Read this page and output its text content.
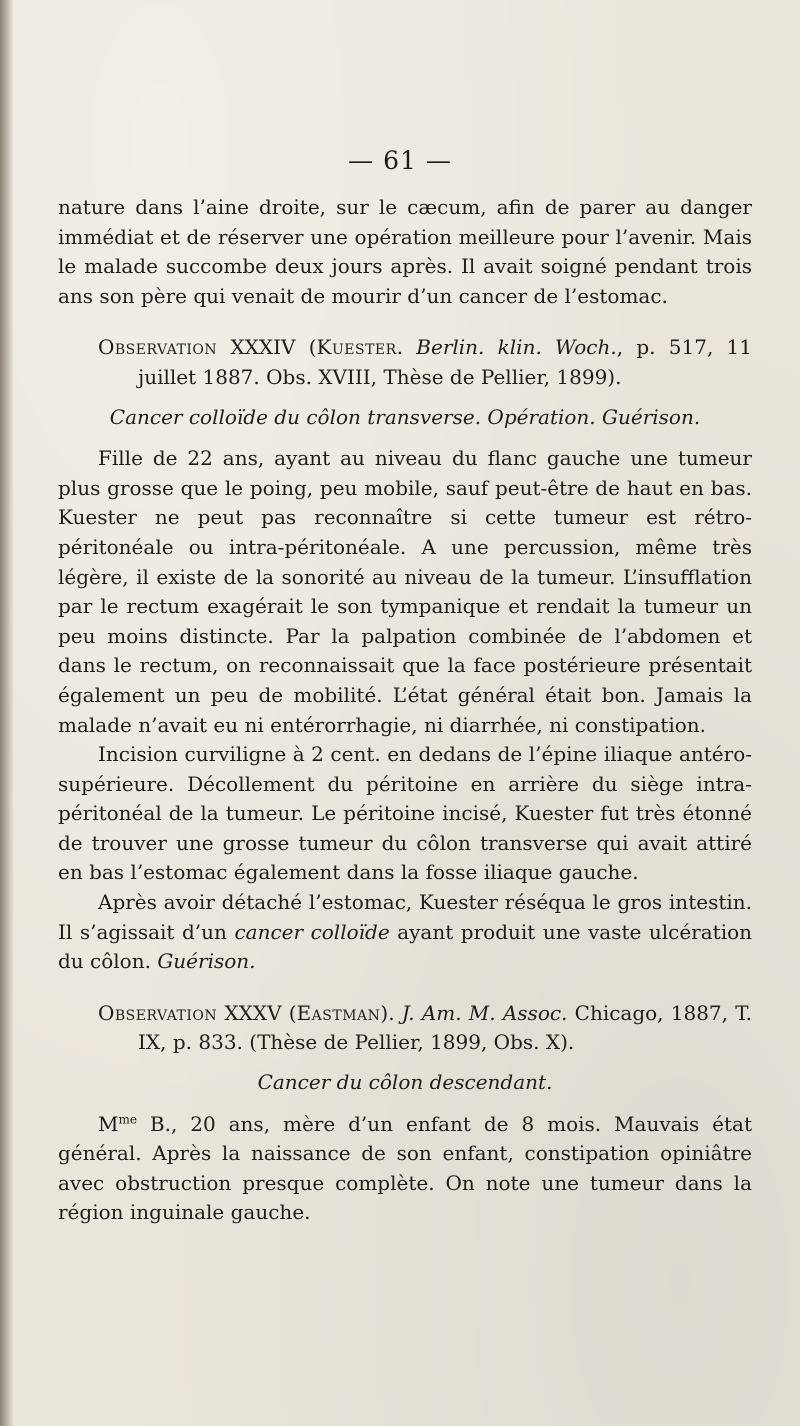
— 61 —

nature dans l’aine droite, sur le cæcum, afin de parer au danger immédiat et de réserver une opération meilleure pour l’avenir. Mais le malade succombe deux jours après. Il avait soigné pendant trois ans son père qui venait de mourir d’un cancer de l’estomac.

Observation XXXIV (Kuester. Berlin. klin. Woch., p. 517, 11 juillet 1887. Obs. XVIII, Thèse de Pellier, 1899).

Cancer colloïde du côlon transverse. Opération. Guérison.

Fille de 22 ans, ayant au niveau du flanc gauche une tumeur plus grosse que le poing, peu mobile, sauf peut-être de haut en bas. Kuester ne peut pas reconnaître si cette tumeur est rétro-péritonéale ou intra-péritonéale. A une percussion, même très légère, il existe de la sonorité au niveau de la tumeur. L’insufflation par le rectum exagérait le son tympanique et rendait la tumeur un peu moins distincte. Par la palpation combinée de l’abdomen et dans le rectum, on reconnaissait que la face postérieure présentait également un peu de mobilité. L’état général était bon. Jamais la malade n’avait eu ni entérorrhagie, ni diarrhée, ni constipation.

Incision curviligne à 2 cent. en dedans de l’épine iliaque antéro-supérieure. Décollement du péritoine en arrière du siège intra-péritonéal de la tumeur. Le péritoine incisé, Kuester fut très étonné de trouver une grosse tumeur du côlon transverse qui avait attiré en bas l’estomac également dans la fosse iliaque gauche.

Après avoir détaché l’estomac, Kuester réséqua le gros intestin. Il s’agissait d’un cancer colloïde ayant produit une vaste ulcération du côlon. Guérison.

Observation XXXV (Eastman). J. Am. M. Assoc. Chicago, 1887, T. IX, p. 833. (Thèse de Pellier, 1899, Obs. X).

Cancer du côlon descendant.

$M^{me}$ B., 20 ans, mère d’un enfant de 8 mois. Mauvais état général. Après la naissance de son enfant, constipation opiniâtre avec obstruction presque complète. On note une tumeur dans la région inguinale gauche.
